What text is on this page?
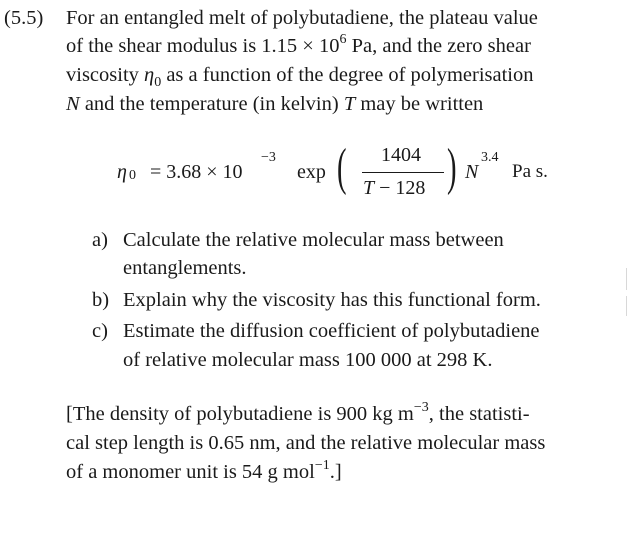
(5.5) For an entangled melt of polybutadiene, the plateau value
of the shear modulus is $1.15 \times 10^6$ Pa, and the zero shear
viscosity $\eta_0$ as a function of the degree of polymerisation
N and the temperature (in kelvin) T may be written
η 0 = 3.68 × 10
−3
exp ( 1404
T − 128 ) N
3.4
Pa s.
a) Calculate the relative molecular mass between
entanglements.
b) Explain why the viscosity has this functional form.
c) Estimate the diffusion coefficient of polybutadiene
of relative molecular mass 100 000 at 298 K.
[The density of polybutadiene is 900 kg $m^{-3}$, the statisti-
cal step length is 0.65 nm, and the relative molecular mass
of a monomer unit is 54 g mol$^{-1}$.]
